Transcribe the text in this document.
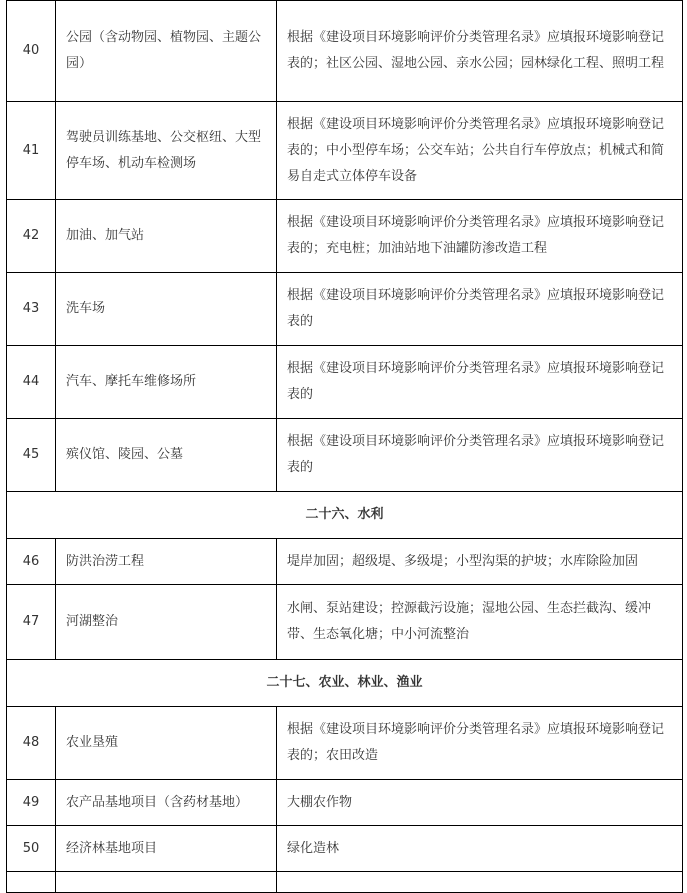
40	公园（含动物园、植物园、主题公园）	根据《建设项目环境影响评价分类管理名录》应填报环境影响登记表的；社区公园、湿地公园、亲水公园；园林绿化工程、照明工程
41	驾驶员训练基地、公交枢纽、大型停车场、机动车检测场	根据《建设项目环境影响评价分类管理名录》应填报环境影响登记表的；中小型停车场；公交车站；公共自行车停放点；机械式和简易自走式立体停车设备
42	加油、加气站	根据《建设项目环境影响评价分类管理名录》应填报环境影响登记表的；充电桩；加油站地下油罐防渗改造工程
43	洗车场	根据《建设项目环境影响评价分类管理名录》应填报环境影响登记表的
44	汽车、摩托车维修场所	根据《建设项目环境影响评价分类管理名录》应填报环境影响登记表的
45	殡仪馆、陵园、公墓	根据《建设项目环境影响评价分类管理名录》应填报环境影响登记表的
二十六、水利		
46	防洪治涝工程	堤岸加固；超级堤、多级堤；小型沟渠的护坡；水库除险加固
47	河湖整治	水闸、泵站建设；控源截污设施；湿地公园、生态拦截沟、缓冲带、生态氧化塘；中小河流整治
二十七、农业、林业、渔业		
48	农业垦殖	根据《建设项目环境影响评价分类管理名录》应填报环境影响登记表的；农田改造
49	农产品基地项目（含药材基地）	大棚农作物
50	经济林基地项目	绿化造林
